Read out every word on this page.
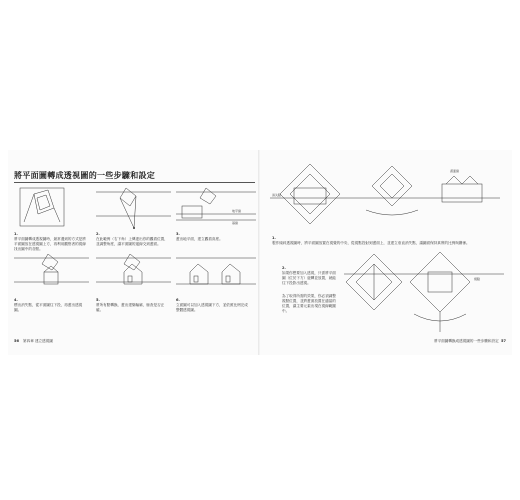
將平面圖轉成透視圖的一些步驟和設定
1.
將平面圖轉成透視圖時，最常遇到的方式是將平面圖放在透視圖上方，再利用觀察者的視線找出圖中的各點。
2.
在此範例（右下角）上傳達出你的觀看位置，並調整角度，讓平面圖的邊線交到畫面。
地平線
基線
3.
畫出地平面，建立觀看高度。
4.
標出消失點，從平面圖往下投，再畫出透視圖。
5.
將所有點轉換，畫出建築輪廓，檢查是否正確。
6.
立面圖可以加入透視圖下方，並依照比例完成整體透視圖。
56 第四章 建立透視圖
畫面線
消失點
1.
製作傾斜透視圖時，將平面圖放置在視覺的中央，從視點投射到畫面上，並建立垂直消失點，讓圖面保持真實的比例與關係。
2.
如果你想要加入透視，只需將平面圖（位於下方）旋轉並放置，就能往下投影出透視。
為了取得所需的效果，你必須調整視點位置，並將畫面放置在適當的位置，讓主要元素出現在視線範圍中。
視點
將平面圖轉換成透視圖的一些步驟和設定 57
